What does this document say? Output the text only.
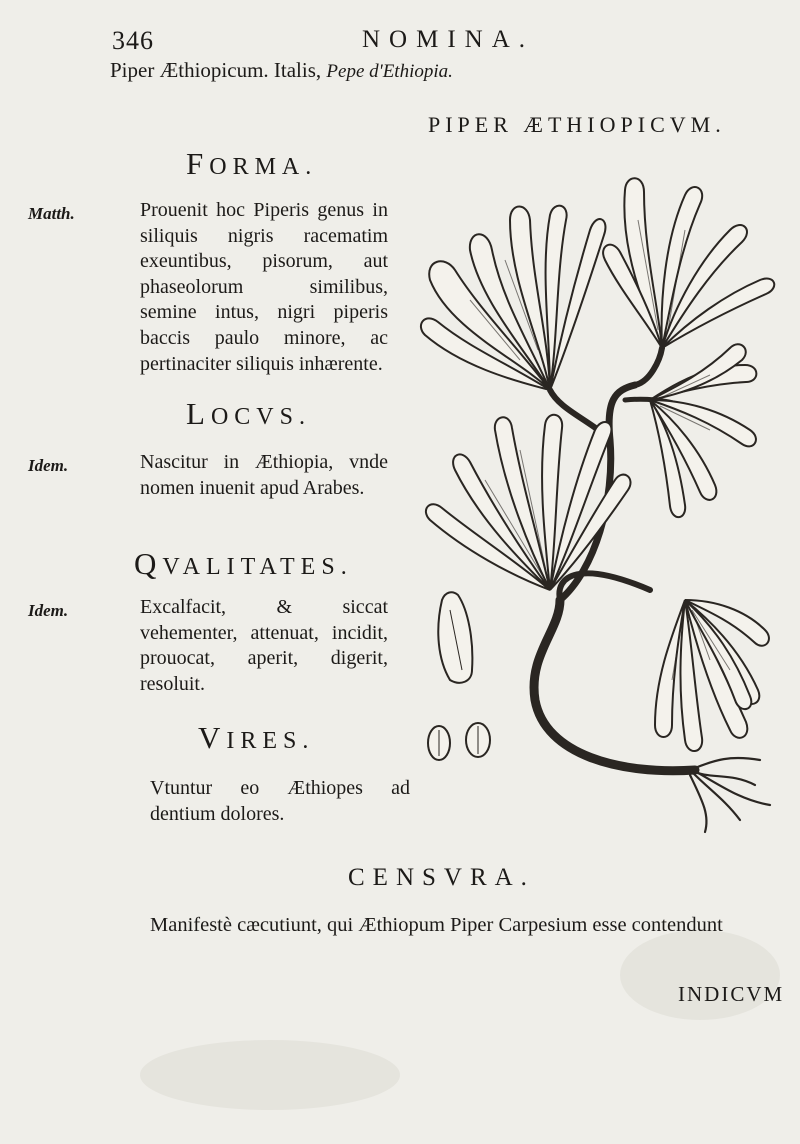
346	NOMINA.
Piper Æthiopicum. Italis, Pepe d'Ethiopia.
PIPER ÆTHIOPICVM.
FORMA.
Matth.	Prouenit hoc Piperis genus in siliquis nigris racematim exeuntibus, pisorum, aut phaseolorum similibus, semine intus, nigri piperis baccis paulo minore, ac pertinaciter siliquis inhærente.
LOCVS.
Idem.	Nascitur in Æthiopia, vnde nomen inuenit apud Arabes.
QVALITATES.
Idem.	Excalfacit, & siccat vehementer, attenuat, incidit, prouocat, aperit, digerit, resoluit.
VIRES.
Vtuntur eo Æthiopes ad dentium dolores.
CENSVRA.
Manifestè cæcutiunt, qui Æthiopum Piper Carpesium esse contendunt
INDICVM
